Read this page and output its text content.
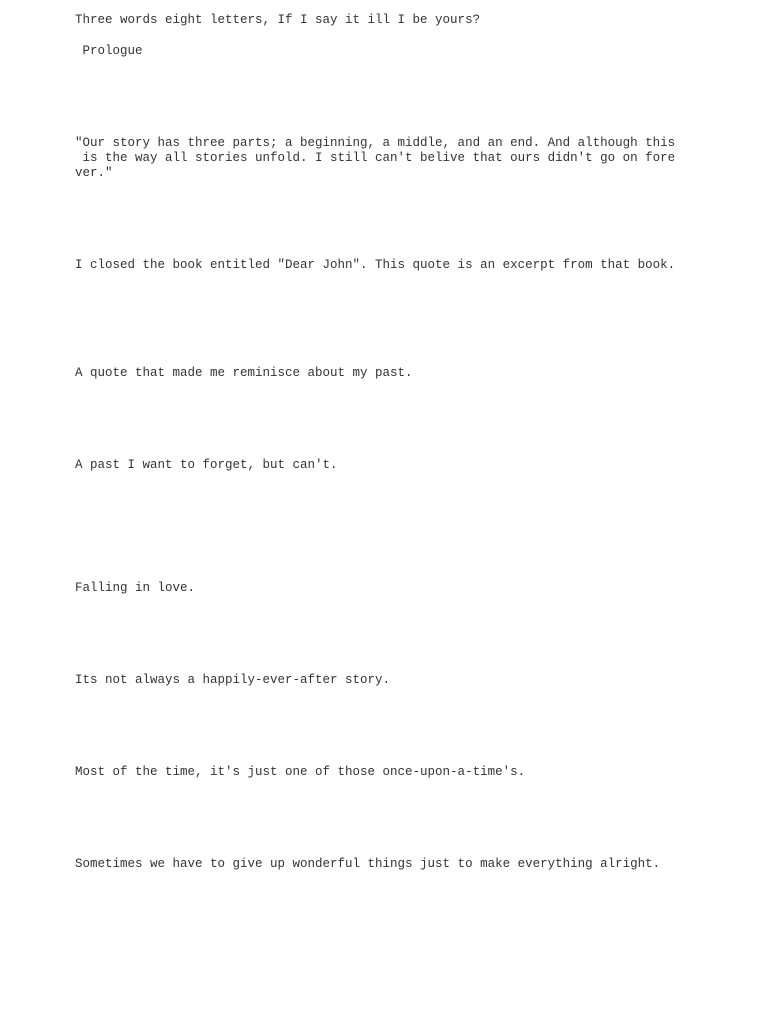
Three words eight letters, If I say it ill I be yours?

Prologue

"Our story has three parts; a beginning, a middle, and an end. And although this

is the way all stories unfold. I still can't belive that ours didn't go on fore

ver."

I closed the book entitled "Dear John". This quote is an excerpt from that book.

A quote that made me reminisce about my past.

A past I want to forget, but can't.

Falling in love.

Its not always a happily-ever-after story.

Most of the time, it's just one of those once-upon-a-time's.

Sometimes we have to give up wonderful things just to make everything alright.
